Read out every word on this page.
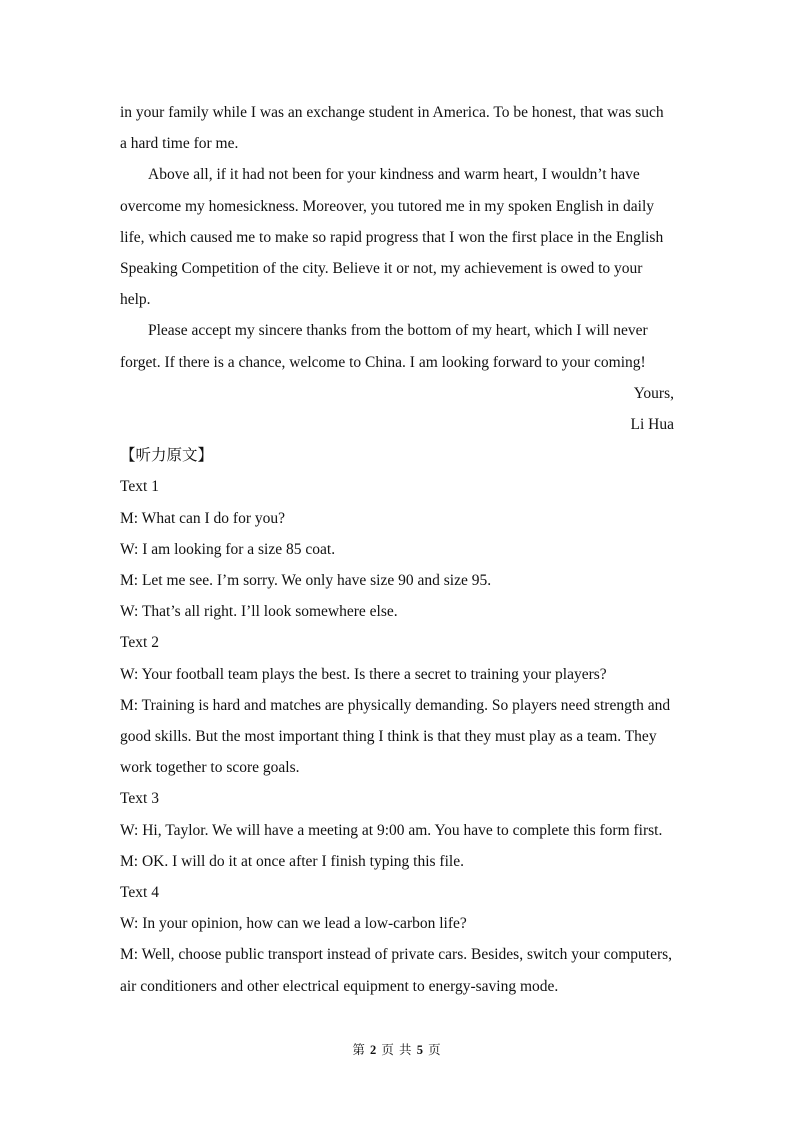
in your family while I was an exchange student in America. To be honest, that was such a hard time for me.

Above all, if it had not been for your kindness and warm heart, I wouldn’t have overcome my homesickness. Moreover, you tutored me in my spoken English in daily life, which caused me to make so rapid progress that I won the first place in the English Speaking Competition of the city. Believe it or not, my achievement is owed to your help.

Please accept my sincere thanks from the bottom of my heart, which I will never forget. If there is a chance, welcome to China. I am looking forward to your coming!

Yours,

Li Hua

【听力原文】

Text 1

M: What can I do for you?

W: I am looking for a size 85 coat.

M: Let me see. I’m sorry. We only have size 90 and size 95.

W: That’s all right. I’ll look somewhere else.

Text 2

W: Your football team plays the best. Is there a secret to training your players?

M: Training is hard and matches are physically demanding. So players need strength and good skills. But the most important thing I think is that they must play as a team. They work together to score goals.

Text 3

W: Hi, Taylor. We will have a meeting at 9:00 am. You have to complete this form first.

M: OK. I will do it at once after I finish typing this file.

Text 4

W: In your opinion, how can we lead a low-carbon life?

M: Well, choose public transport instead of private cars. Besides, switch your computers, air conditioners and other electrical equipment to energy-saving mode.

第 2 页 共 5 页
